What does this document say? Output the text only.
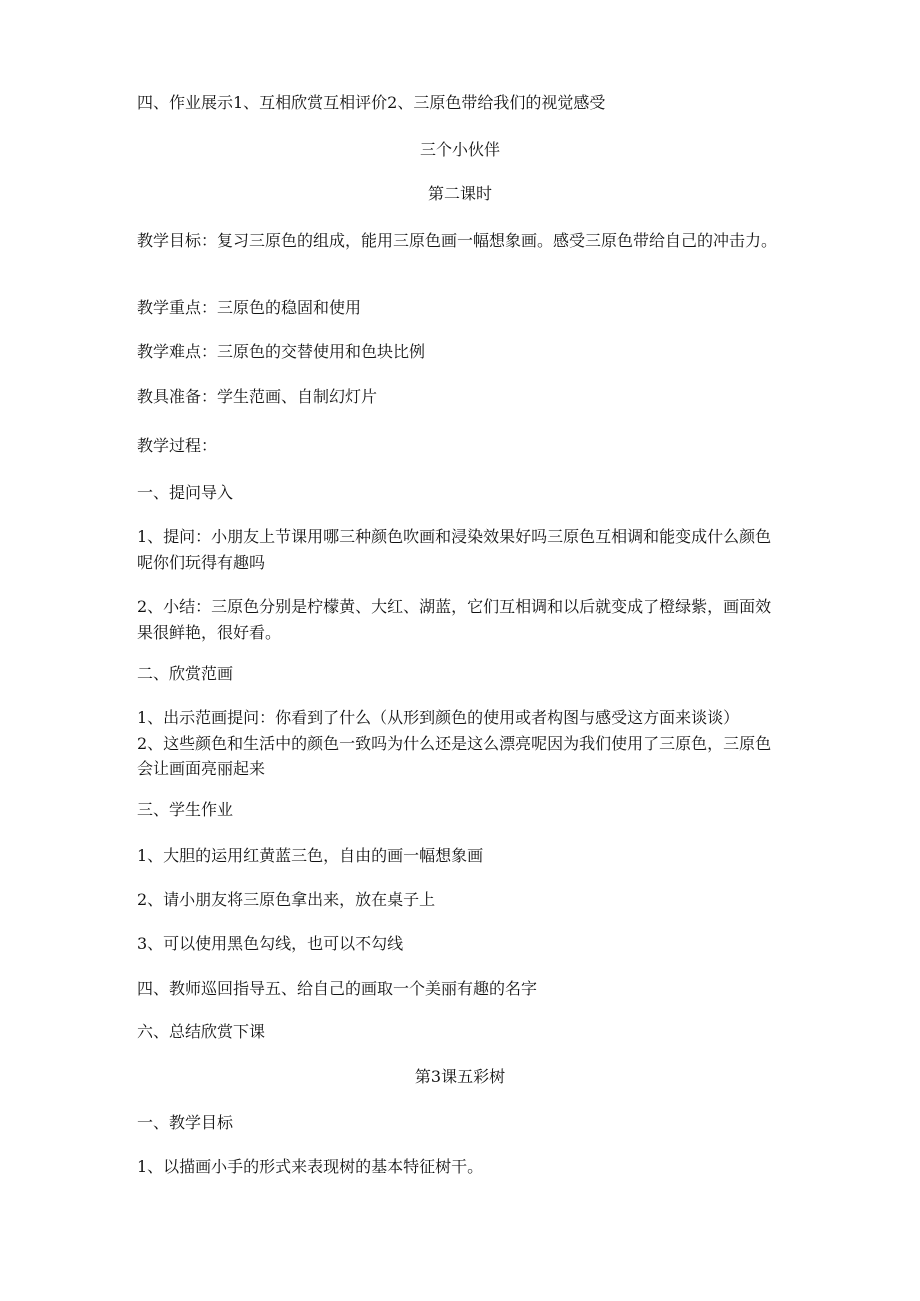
四、作业展示1、互相欣赏互相评价2、三原色带给我们的视觉感受
三个小伙伴
第二课时
教学目标：复习三原色的组成，能用三原色画一幅想象画。感受三原色带给自己的冲击力。
教学重点：三原色的稳固和使用
教学难点：三原色的交替使用和色块比例
教具准备：学生范画、自制幻灯片
教学过程：
一、提问导入
1、提问：小朋友上节课用哪三种颜色吹画和浸染效果好吗三原色互相调和能变成什么颜色呢你们玩得有趣吗
2、小结：三原色分别是柠檬黄、大红、湖蓝，它们互相调和以后就变成了橙绿紫，画面效果很鲜艳，很好看。
二、欣赏范画
1、出示范画提问：你看到了什么（从形到颜色的使用或者构图与感受这方面来谈谈）
2、这些颜色和生活中的颜色一致吗为什么还是这么漂亮呢因为我们使用了三原色，三原色会让画面亮丽起来
三、学生作业
1、大胆的运用红黄蓝三色，自由的画一幅想象画
2、请小朋友将三原色拿出来，放在桌子上
3、可以使用黑色勾线，也可以不勾线
四、教师巡回指导五、给自己的画取一个美丽有趣的名字
六、总结欣赏下课
第3课五彩树
一、教学目标
1、以描画小手的形式来表现树的基本特征树干。
